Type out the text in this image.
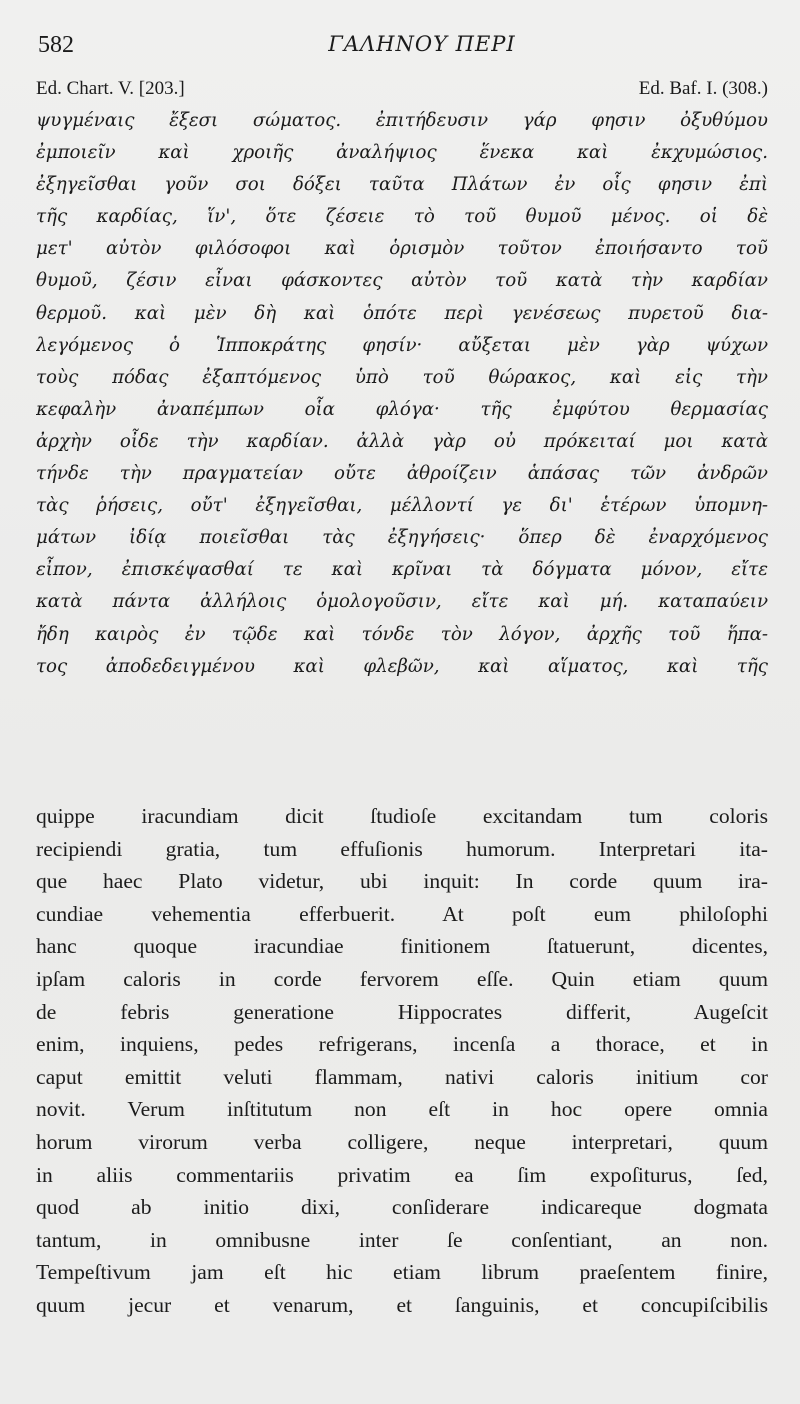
582	ΓΑΛΗΝΟΥ ΠΕΡΙ
Ed. Chart. V. [203.]	Ed. Baf. I. (308.)
ψυγμέναις ἔξεσι σώματος. ἐπιτήδευσιν γάρ φησιν ὀξυθύμου
ἐμποιεῖν καὶ χροιῆς ἀναλήψιος ἕνεκα καὶ ἐκχυμώσιος.
ἐξηγεῖσθαι γοῦν σοι δόξει ταῦτα Πλάτων ἐν οἷς φησιν ἐπὶ
τῆς καρδίας, ἵν', ὅτε ζέσειε τὸ τοῦ θυμοῦ μένος. οἱ δὲ
μετ' αὐτὸν φιλόσοφοι καὶ ὁρισμὸν τοῦτον ἐποιήσαντο τοῦ
θυμοῦ, ζέσιν εἶναι φάσκοντες αὐτὸν τοῦ κατὰ τὴν καρδίαν
θερμοῦ. καὶ μὲν δὴ καὶ ὁπότε περὶ γενέσεως πυρετοῦ δια-
λεγόμενος ὁ Ἱπποκράτης φησίν· αὔξεται μὲν γὰρ ψύχων
τοὺς πόδας ἐξαπτόμενος ὑπὸ τοῦ θώρακος, καὶ εἰς τὴν
κεφαλὴν ἀναπέμπων οἷα φλόγα· τῆς ἐμφύτου θερμασίας
ἀρχὴν οἶδε τὴν καρδίαν. ἀλλὰ γὰρ οὐ πρόκειταί μοι κατὰ
τήνδε τὴν πραγματείαν οὔτε ἀθροίζειν ἁπάσας τῶν ἀνδρῶν
τὰς ῥήσεις, οὔτ' ἐξηγεῖσθαι, μέλλοντί γε δι' ἑτέρων ὑπομνη-
μάτων ἰδίᾳ ποιεῖσθαι τὰς ἐξηγήσεις· ὅπερ δὲ ἐναρχόμενος
εἶπον, ἐπισκέψασθαί τε καὶ κρῖναι τὰ δόγματα μόνον, εἴτε
κατὰ πάντα ἀλλήλοις ὁμολογοῦσιν, εἴτε καὶ μή. καταπαύειν
ἤδη καιρὸς ἐν τῷδε καὶ τόνδε τὸν λόγον, ἀρχῆς τοῦ ἥπα-
τος ἀποδεδειγμένου καὶ φλεβῶν, καὶ αἵματος, καὶ τῆς
quippe iracundiam dicit ſtudioſe excitandam tum coloris
recipiendi gratia, tum effuſionis humorum. Interpretari ita-
que haec Plato videtur, ubi inquit: In corde quum ira-
cundiae vehementia efferbuerit. At poſt eum philoſophi
hanc quoque iracundiae finitionem ſtatuerunt, dicentes,
ipſam caloris in corde fervorem eſſe. Quin etiam quum
de febris generatione Hippocrates differit, Augeſcit
enim, inquiens, pedes refrigerans, incenſa a thorace, et in
caput emittit veluti flammam, nativi caloris initium cor
novit. Verum inſtitutum non eſt in hoc opere omnia
horum virorum verba colligere, neque interpretari, quum
in aliis commentariis privatim ea ſim expoſiturus, ſed,
quod ab initio dixi, conſiderare indicareque dogmata
tantum, in omnibusne inter ſe conſentiant, an non.
Tempeſtivum jam eſt hic etiam librum praeſentem finire,
quum jecur et venarum, et ſanguinis, et concupiſcibilis
